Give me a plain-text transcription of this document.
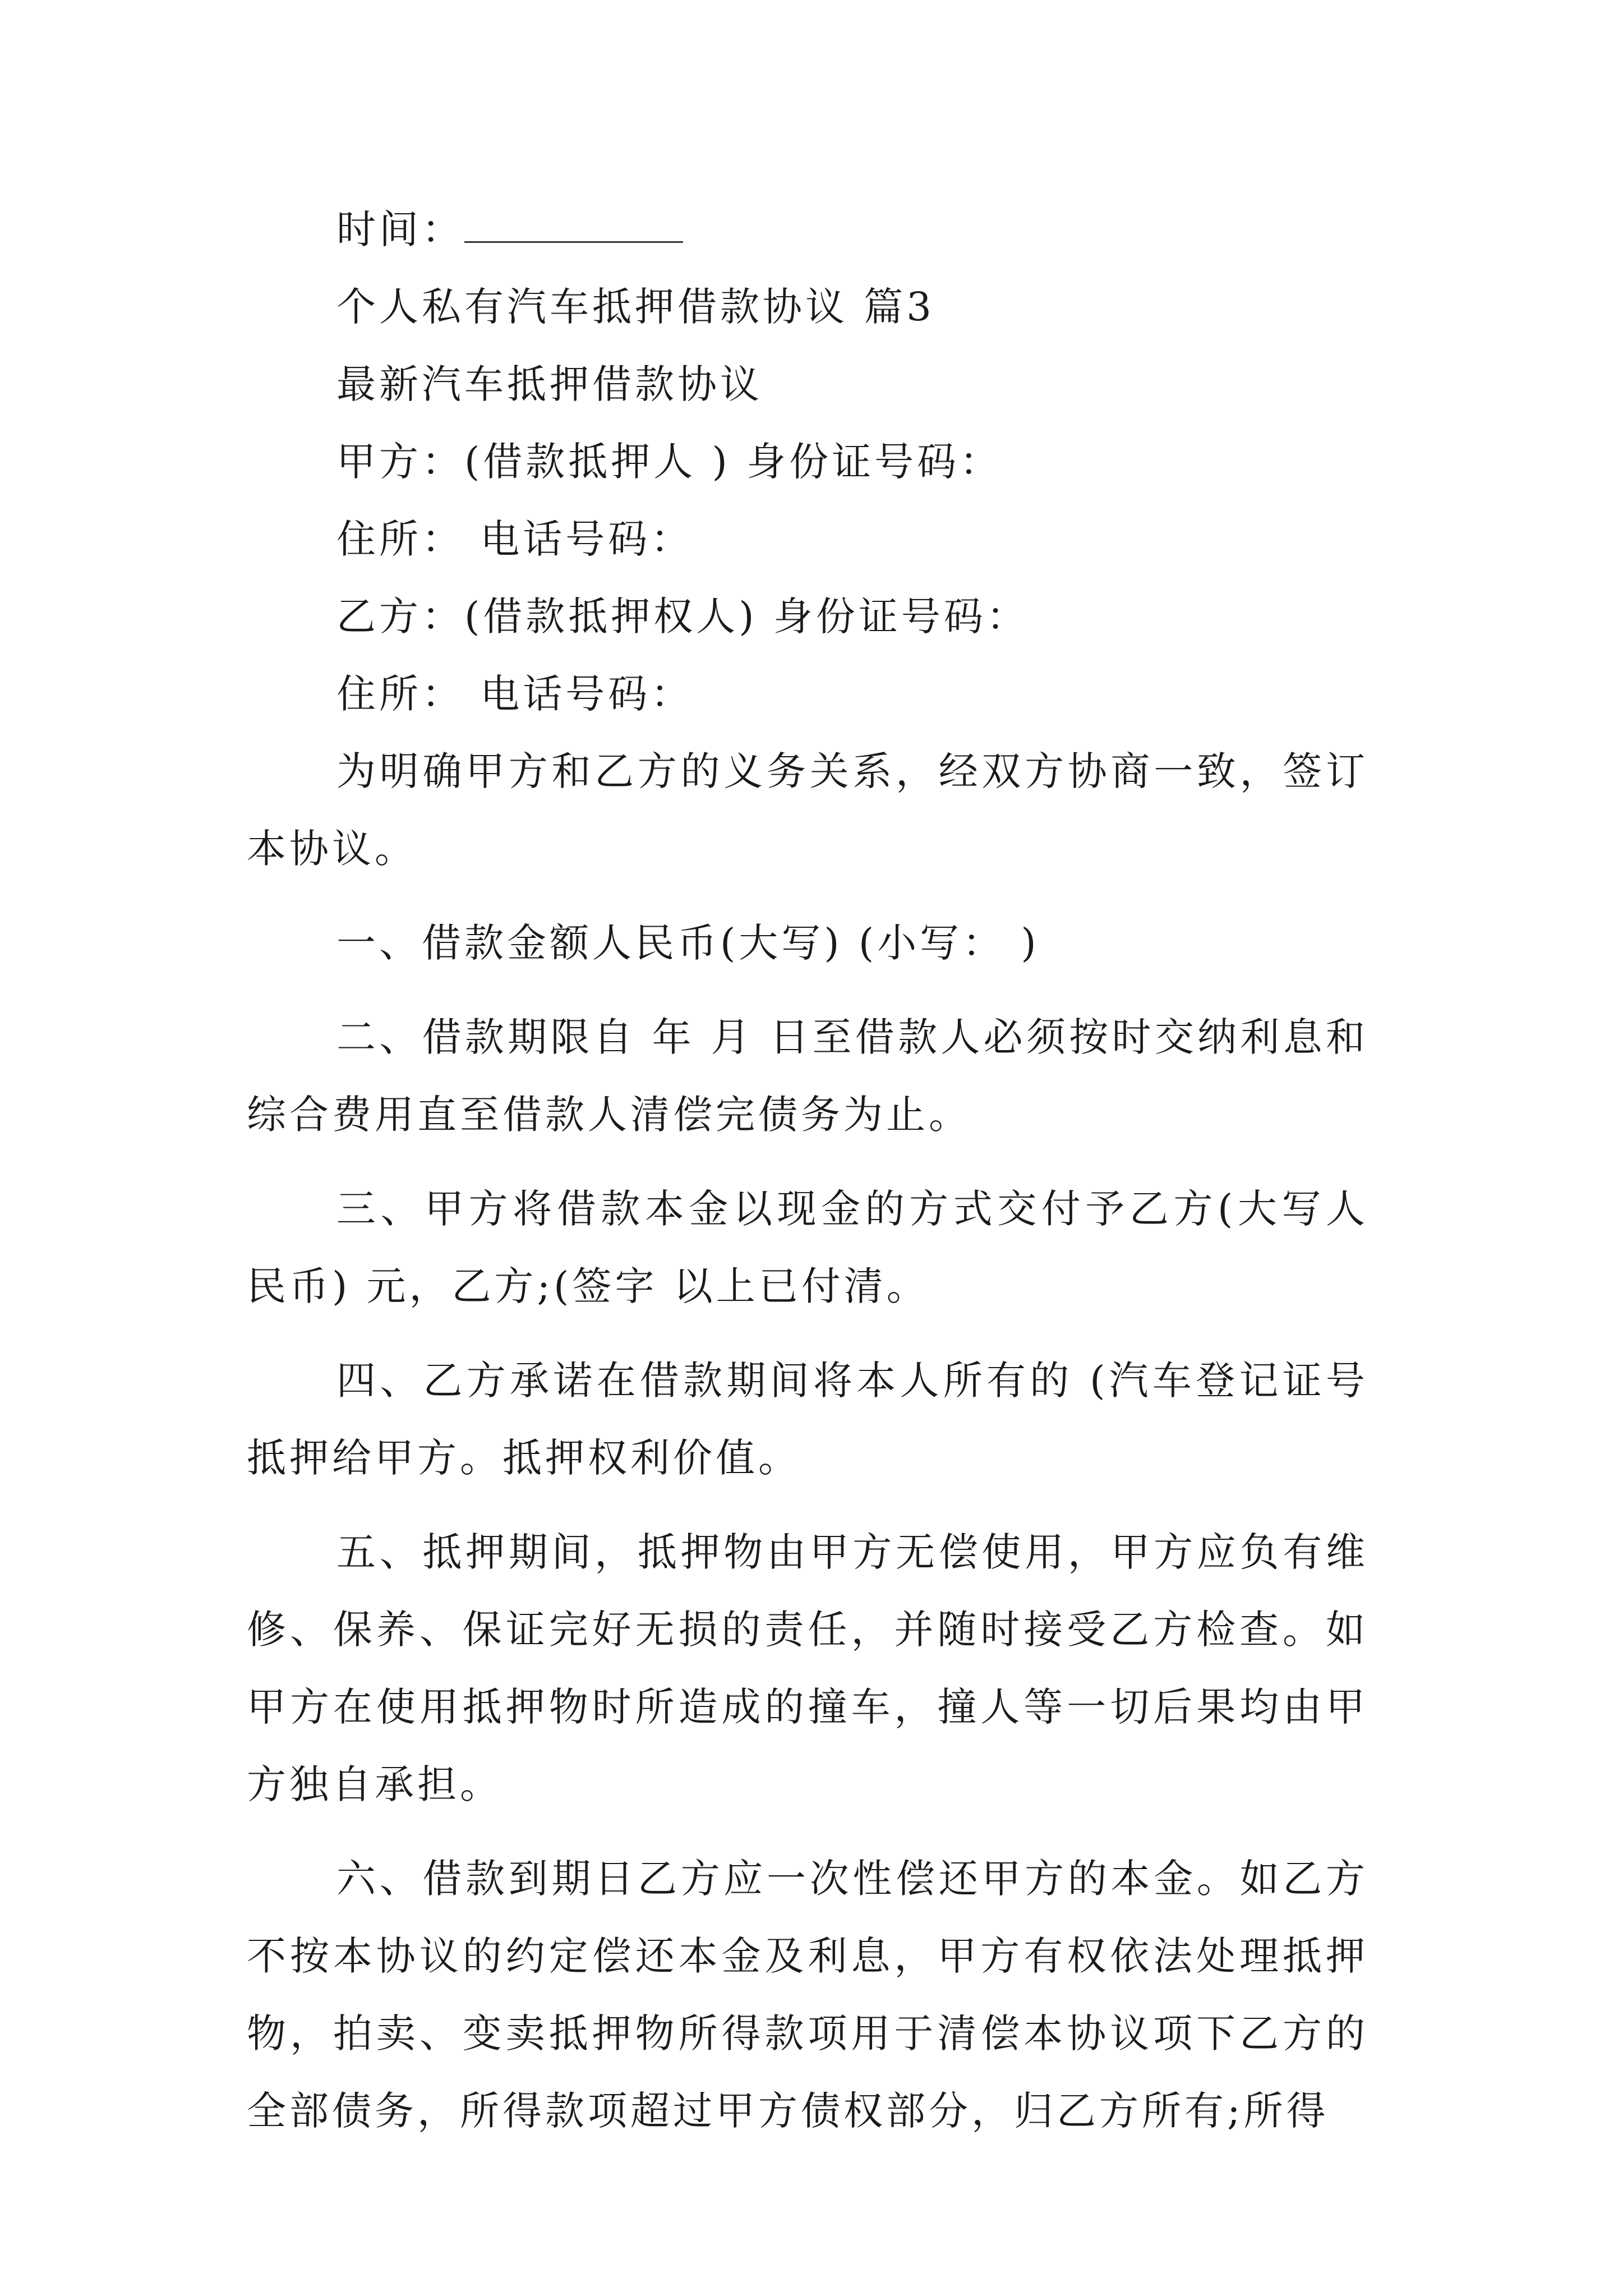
时间：
个人私有汽车抵押借款协议 篇3
最新汽车抵押借款协议
甲方：(借款抵押人 ) 身份证号码：
住所： 电话号码：
乙方：(借款抵押权人) 身份证号码：
住所： 电话号码：

为明确甲方和乙方的义务关系，经双方协商一致，签订本协议。

一、借款金额人民币(大写) (小写： )

二、借款期限自 年 月 日至借款人必须按时交纳利息和综合费用直至借款人清偿完债务为止。

三、甲方将借款本金以现金的方式交付予乙方(大写人民币) 元，乙方;(签字 以上已付清。

四、乙方承诺在借款期间将本人所有的 (汽车登记证号抵押给甲方。抵押权利价值。

五、抵押期间，抵押物由甲方无偿使用，甲方应负有维修、保养、保证完好无损的责任，并随时接受乙方检查。如甲方在使用抵押物时所造成的撞车，撞人等一切后果均由甲方独自承担。

六、借款到期日乙方应一次性偿还甲方的本金。如乙方不按本协议的约定偿还本金及利息，甲方有权依法处理抵押物，拍卖、变卖抵押物所得款项用于清偿本协议项下乙方的全部债务，所得款项超过甲方债权部分，归乙方所有;所得
